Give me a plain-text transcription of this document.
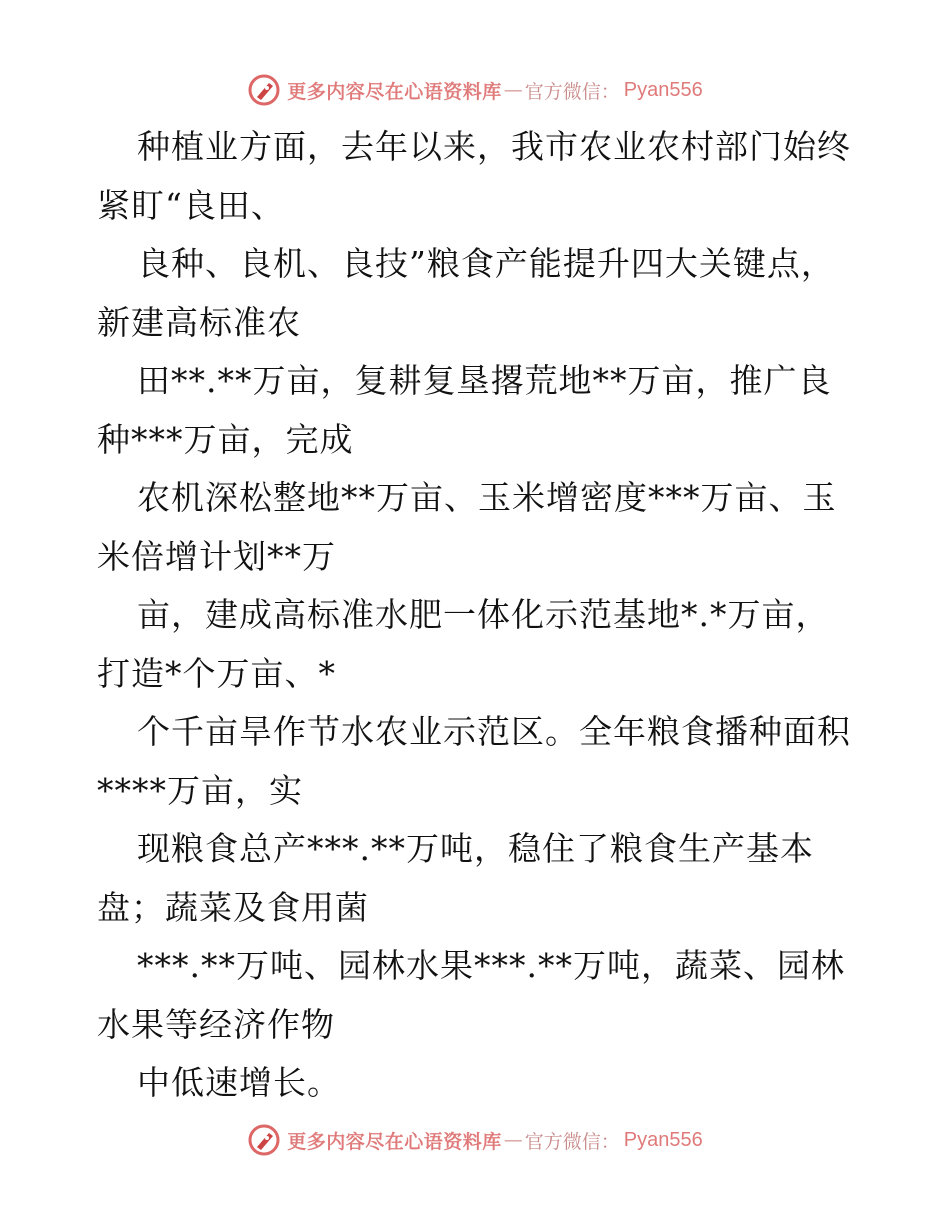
更多内容尽在心语资料库 — 官方微信： Pyan556
种植业方面，去年以来，我市农业农村部门始终
紧盯“良田、
良种、良机、良技”粮食产能提升四大关键点，
新建高标准农
田**.**万亩，复耕复垦撂荒地**万亩，推广良
种***万亩，完成
农机深松整地**万亩、玉米增密度***万亩、玉
米倍增计划**万
亩，建成高标准水肥一体化示范基地*.*万亩，
打造*个万亩、*
个千亩旱作节水农业示范区。全年粮食播种面积
****万亩，实
现粮食总产***.**万吨，稳住了粮食生产基本
盘；蔬菜及食用菌
***.**万吨、园林水果***.**万吨，蔬菜、园林
水果等经济作物
中低速增长。
更多内容尽在心语资料库 — 官方微信： Pyan556
